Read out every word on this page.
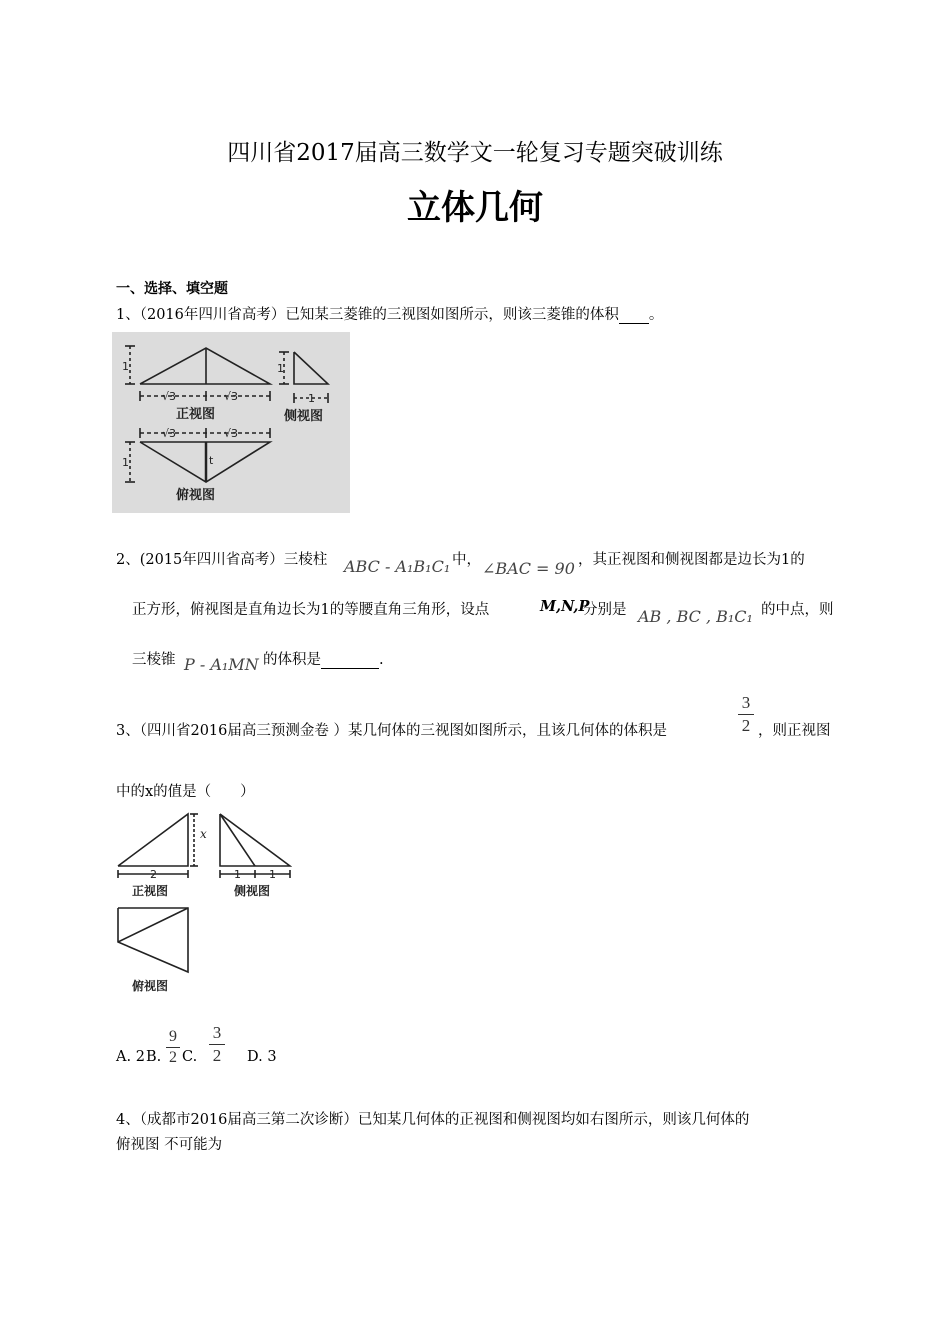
四川省2017届高三数学文一轮复习专题突破训练
立体几何
一、选择、填空题
1、（2016年四川省高考）已知某三菱锥的三视图如图所示，则该三菱锥的体积 。
1
√3	√3
1
1
√3	√3
1	t
正视图	侧视图
俯视图
2、(2015年四川省高考）三棱柱 ABC - A₁B₁C₁ 中， ∠BAC = 90 ，其正视图和侧视图都是边长为1的
正方形，俯视图是直角边长为1的等腰直角三角形，设点	M,N,P
分别是 AB , BC , B₁C₁ 的中点，则
三棱锥 P - A₁MN 的体积是	.
3、（四川省2016届高三预测金卷 ）某几何体的三视图如图所示，且该几何体的体积是
3
2 ，则正视图
中的x的值是（　　）
x
2	1	1
正视图	侧视图
俯视图
A. 2 B.
9
2 C.
3
2 D. 3
4、（成都市2016届高三第二次诊断）已知某几何体的正视图和侧视图均如右图所示，则该几何体的
俯视图 不可能为
